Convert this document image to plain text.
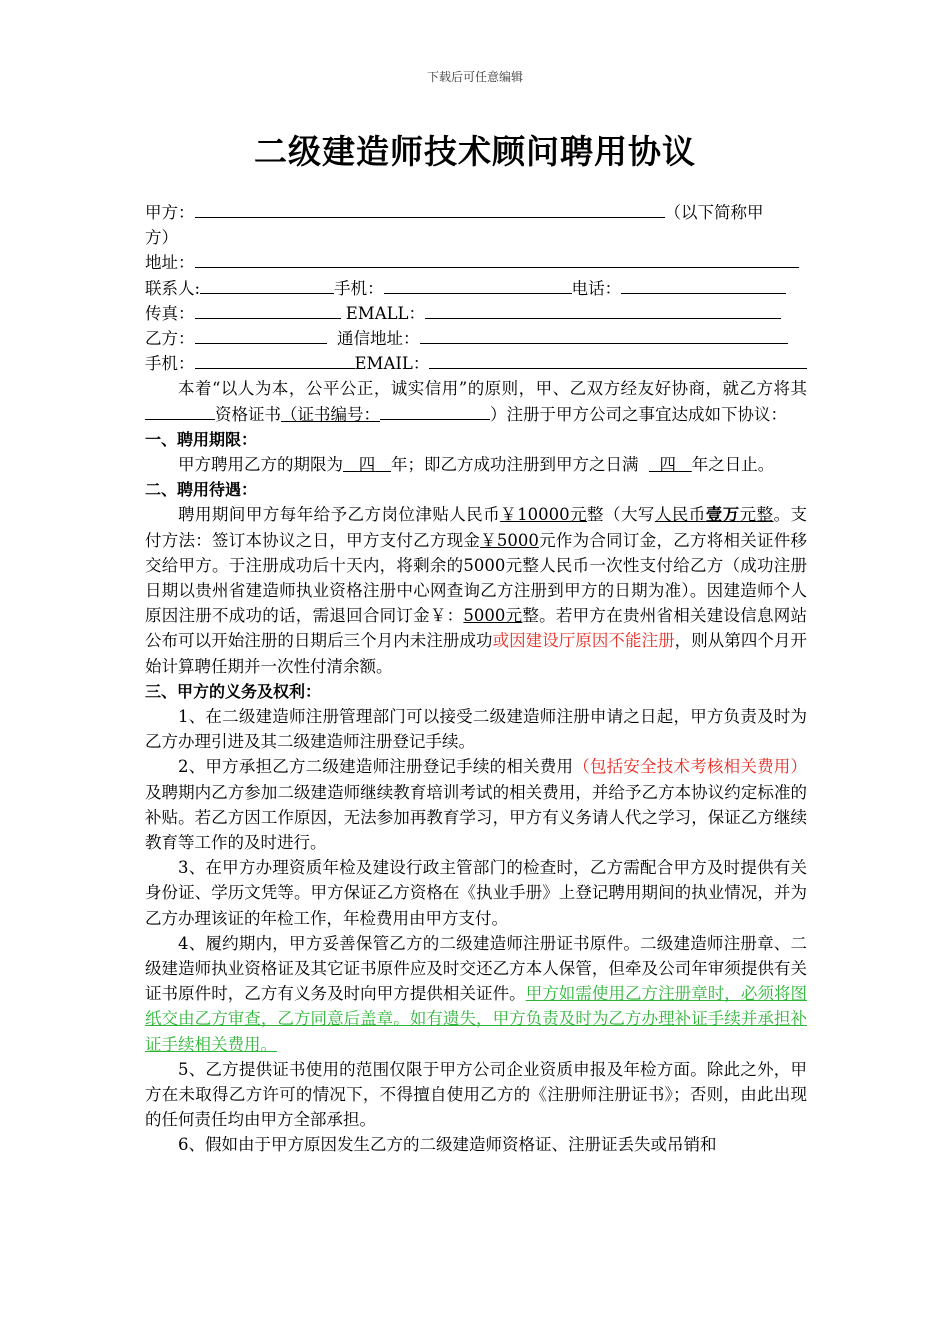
下载后可任意编辑
二级建造师技术顾问聘用协议
甲方：	（以下简称甲
方）
地址：
联系人:	手机：	电话：
传真：	EMALL：
乙方：	通信地址：
手机：	EMAIL：

本着“以人为本，公平公正，诚实信用”的原则，甲、乙双方经友好协商，就乙方将其资格证书（证书编号：	）注册于甲方公司之事宜达成如下协议：

一、聘用期限：

甲方聘用乙方的期限为 四 年；即乙方成功注册到甲方之日满 四 年之日止。

二、聘用待遇：

聘用期间甲方每年给予乙方岗位津贴人民币￥10000元整（大写人民币壹万元整。支付方法：签订本协议之日，甲方支付乙方现金￥5000元作为合同订金，乙方将相关证件移交给甲方。于注册成功后十天内，将剩余的5000元整人民币一次性支付给乙方（成功注册日期以贵州省建造师执业资格注册中心网查询乙方注册到甲方的日期为准）。因建造师个人原因注册不成功的话，需退回合同订金￥：5000元整。若甲方在贵州省相关建设信息网站公布可以开始注册的日期后三个月内未注册成功或因建设厅原因不能注册，则从第四个月开始计算聘任期并一次性付清余额。

三、甲方的义务及权利：

1、在二级建造师注册管理部门可以接受二级建造师注册申请之日起，甲方负责及时为乙方办理引进及其二级建造师注册登记手续。

2、甲方承担乙方二级建造师注册登记手续的相关费用（包括安全技术考核相关费用）及聘期内乙方参加二级建造师继续教育培训考试的相关费用，并给予乙方本协议约定标准的补贴。若乙方因工作原因，无法参加再教育学习，甲方有义务请人代之学习，保证乙方继续教育等工作的及时进行。

3、在甲方办理资质年检及建设行政主管部门的检查时，乙方需配合甲方及时提供有关身份证、学历文凭等。甲方保证乙方资格在《执业手册》上登记聘用期间的执业情况，并为乙方办理该证的年检工作，年检费用由甲方支付。

4、履约期内，甲方妥善保管乙方的二级建造师注册证书原件。二级建造师注册章、二级建造师执业资格证及其它证书原件应及时交还乙方本人保管，但牵及公司年审须提供有关证书原件时，乙方有义务及时向甲方提供相关证件。甲方如需使用乙方注册章时，必须将图纸交由乙方审查，乙方同意后盖章。如有遗失，甲方负责及时为乙方办理补证手续并承担补证手续相关费用。

5、乙方提供证书使用的范围仅限于甲方公司企业资质申报及年检方面。除此之外，甲方在未取得乙方许可的情况下，不得擅自使用乙方的《注册师注册证书》；否则，由此出现的任何责任均由甲方全部承担。

6、假如由于甲方原因发生乙方的二级建造师资格证、注册证丢失或吊销和
